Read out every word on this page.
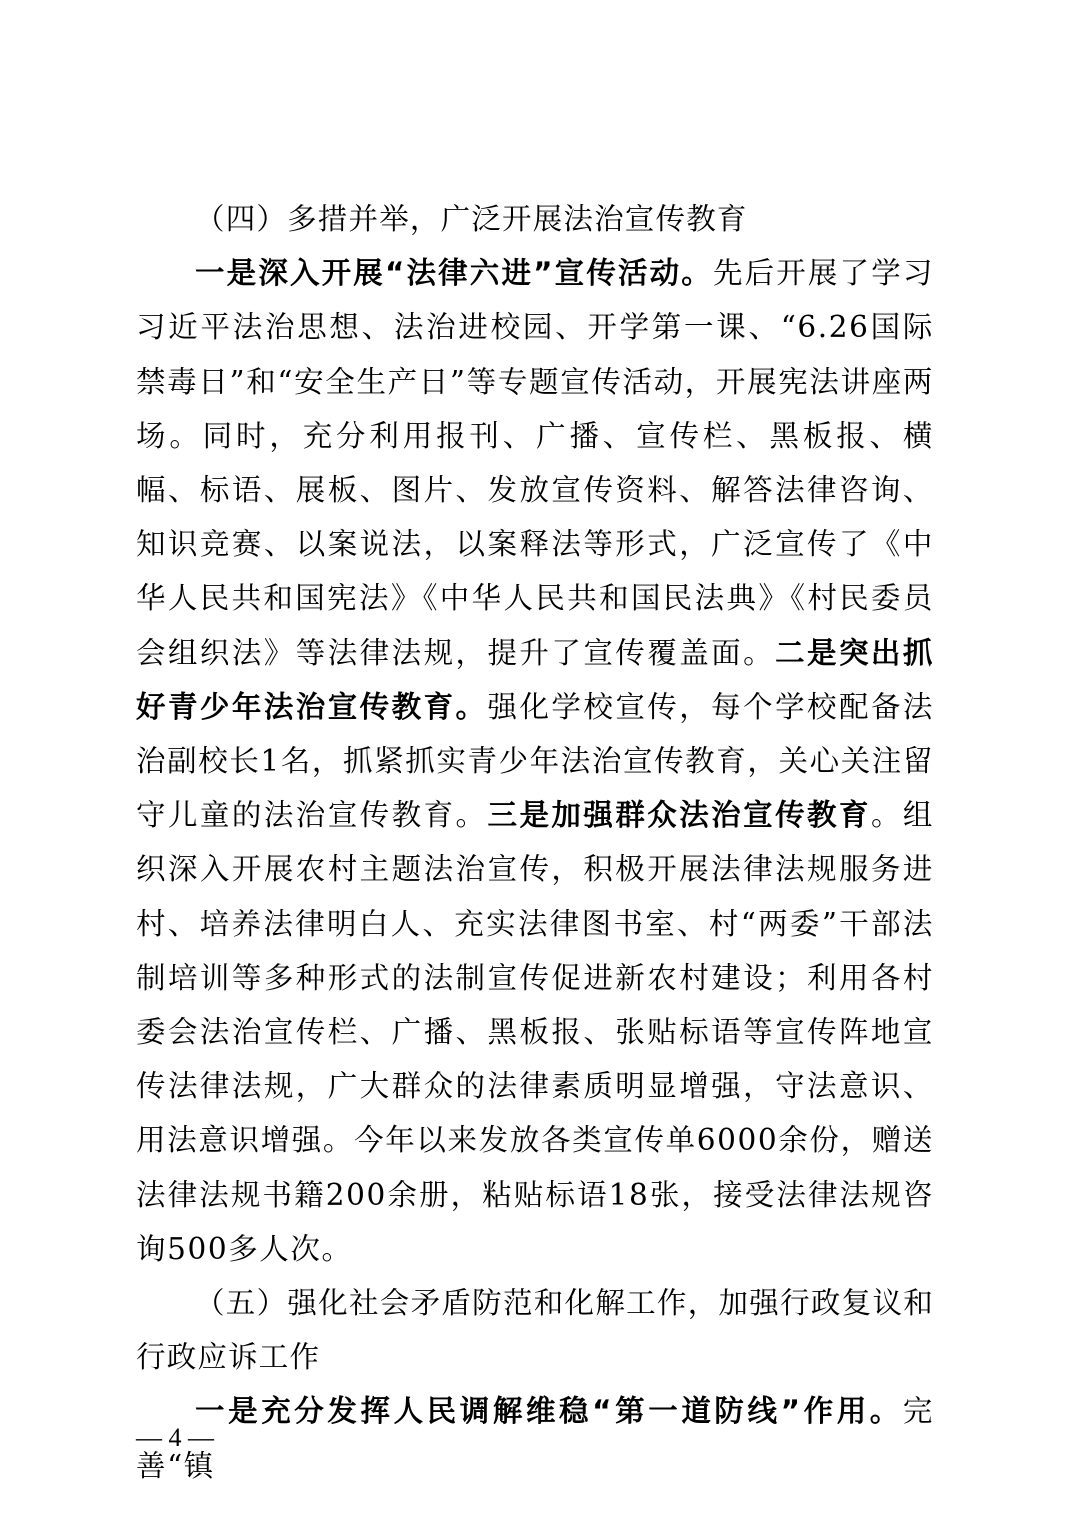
（四）多措并举，广泛开展法治宣传教育

一是深入开展“法律六进”宣传活动。先后开展了学习习近平法治思想、法治进校园、开学第一课、“6.26国际禁毒日”和“安全生产日”等专题宣传活动，开展宪法讲座两场。同时，充分利用报刊、广播、宣传栏、黑板报、横幅、标语、展板、图片、发放宣传资料、解答法律咨询、知识竞赛、以案说法，以案释法等形式，广泛宣传了《中华人民共和国宪法》《中华人民共和国民法典》《村民委员会组织法》等法律法规，提升了宣传覆盖面。二是突出抓好青少年法治宣传教育。强化学校宣传，每个学校配备法治副校长1名，抓紧抓实青少年法治宣传教育，关心关注留守儿童的法治宣传教育。三是加强群众法治宣传教育。组织深入开展农村主题法治宣传，积极开展法律法规服务进村、培养法律明白人、充实法律图书室、村“两委”干部法制培训等多种形式的法制宣传促进新农村建设；利用各村委会法治宣传栏、广播、黑板报、张贴标语等宣传阵地宣传法律法规，广大群众的法律素质明显增强，守法意识、用法意识增强。今年以来发放各类宣传单6000余份，赠送法律法规书籍200余册，粘贴标语18张，接受法律法规咨询500多人次。

（五）强化社会矛盾防范和化解工作，加强行政复议和行政应诉工作

一是充分发挥人民调解维稳“第一道防线”作用。完善“镇

— 4 —
